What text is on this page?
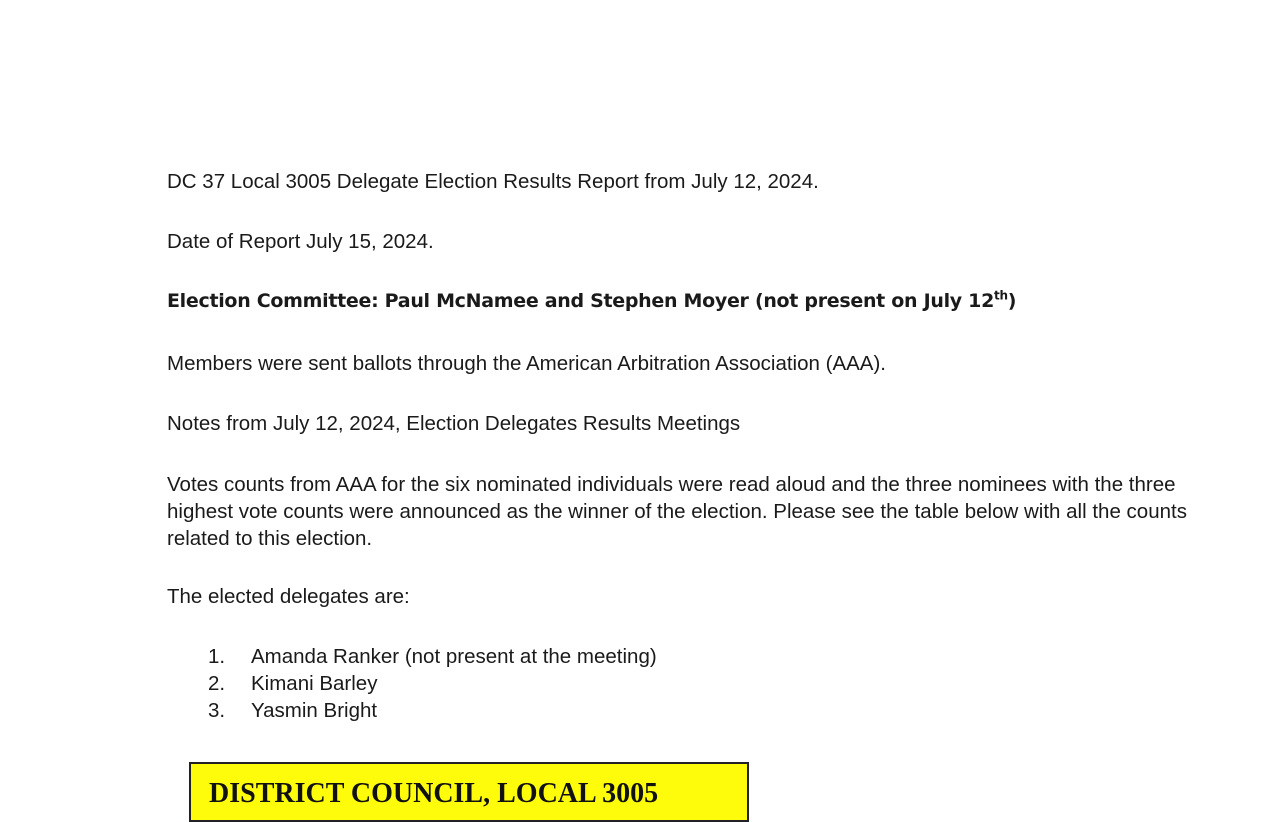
DC 37 Local 3005 Delegate Election Results Report from July 12, 2024.
Date of Report July 15, 2024.
Election Committee: Paul McNamee and Stephen Moyer (not present on July 12th)
Members were sent ballots through the American Arbitration Association (AAA).
Notes from July 12, 2024, Election Delegates Results Meetings
Votes counts from AAA for the six nominated individuals were read aloud and the three nominees with the three highest vote counts were announced as the winner of the election. Please see the table below with all the counts related to this election.
The elected delegates are:
1. Amanda Ranker (not present at the meeting)
2. Kimani Barley
3. Yasmin Bright
DISTRICT COUNCIL, LOCAL 3005
